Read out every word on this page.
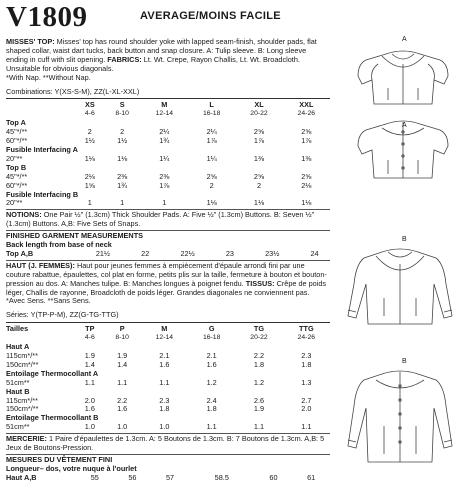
V1809	AVERAGE/MOINS FACILE

MISSES' TOP: Misses' top has round shoulder yoke with lapped seam-finish, shoulder pads, flat shaped collar, waist dart tucks, back button and snap closure. A: Tulip sleeve. B: Long sleeve ending in cuff with slit opening. FABRICS: Lt. Wt. Crepe, Rayon Challis, Lt. Wt. Broadcloth. Unsuitable for obvious diagonals.

*With Nap. **Without Nap.

Combinations: Y(XS-S-M), ZZ(L-XL-XXL)

	XS	S	M	L	XL	XXL
	4-6	8-10	12-14	16-18	20-22	24-26
Top A						
45"*/**	2	2	2¼	2¼	2⅝	2⅝
60"*/**	1½	1½	1¾	1⅞	1⅞	1⅞
Fusible Interfacing A						
20"**	1⅛	1⅛	1¼	1¼	1⅜	1⅜
Top B						
45"*/**	2⅛	2⅜	2⅜	2⅝	2⅝	2⅝
60"*/**	1⅝	1¾	1⅞	2	2	2⅛
Fusible Interfacing B						
20"**	1	1	1	1⅛	1⅛	1⅛

NOTIONS: One Pair ½" (1.3cm) Thick Shoulder Pads. A: Five ½" (1.3cm) Buttons. B: Seven ½" (1.3cm) Buttons. A,B: Five Sets of Snaps.

FINISHED GARMENT MEASUREMENTS

Back length from base of neck

Top A,B	21½	22	22½	23	23½	24

HAUT (J. FEMMES): Haut pour jeunes femmes à empiècement d'épaule arrondi fini par une couture rabattue, épaulettes, col plat en forme, petits plis sur la taille, fermeture à bouton et bouton-pression au dos. A: Manches tulipe. B: Manches longues à poignet fendu. TISSUS: Crêpe de poids léger, Challis de rayonne, Broadcloth de poids léger. Grandes diagonales ne conviennent pas.

*Avec Sens. **Sans Sens.

Séries: Y(TP-P-M), ZZ(G-TG-TTG)

Tailles	TP	P	M	G	TG	TTG
	4-6	8-10	12-14	16-18	20-22	24-26
Haut A						
115cm*/**	1.9	1.9	2.1	2.1	2.2	2.3
150cm*/**	1.4	1.4	1.6	1.6	1.8	1.8
Entoilage Thermocollant A						
51cm**	1.1	1.1	1.1	1.2	1.2	1.3
Haut B						
115cm*/**	2.0	2.2	2.3	2.4	2.6	2.7
150cm*/**	1.6	1.6	1.8	1.8	1.9	2.0
Entoilage Thermocollant B						
51cm**	1.0	1.0	1.0	1.1	1.1	1.1

MERCERIE: 1 Paire d'épaulettes de 1.3cm. A: 5 Boutons de 1.3cm. B: 7 Boutons de 1.3cm. A,B: 5 Jeux de Boutons-Pression.

MESURES DU VÊTEMENT FINI

Longueur– dos, votre nuque à l'ourlet

Haut A,B	55	56	57	58.5	60	61
A
A
B
B
